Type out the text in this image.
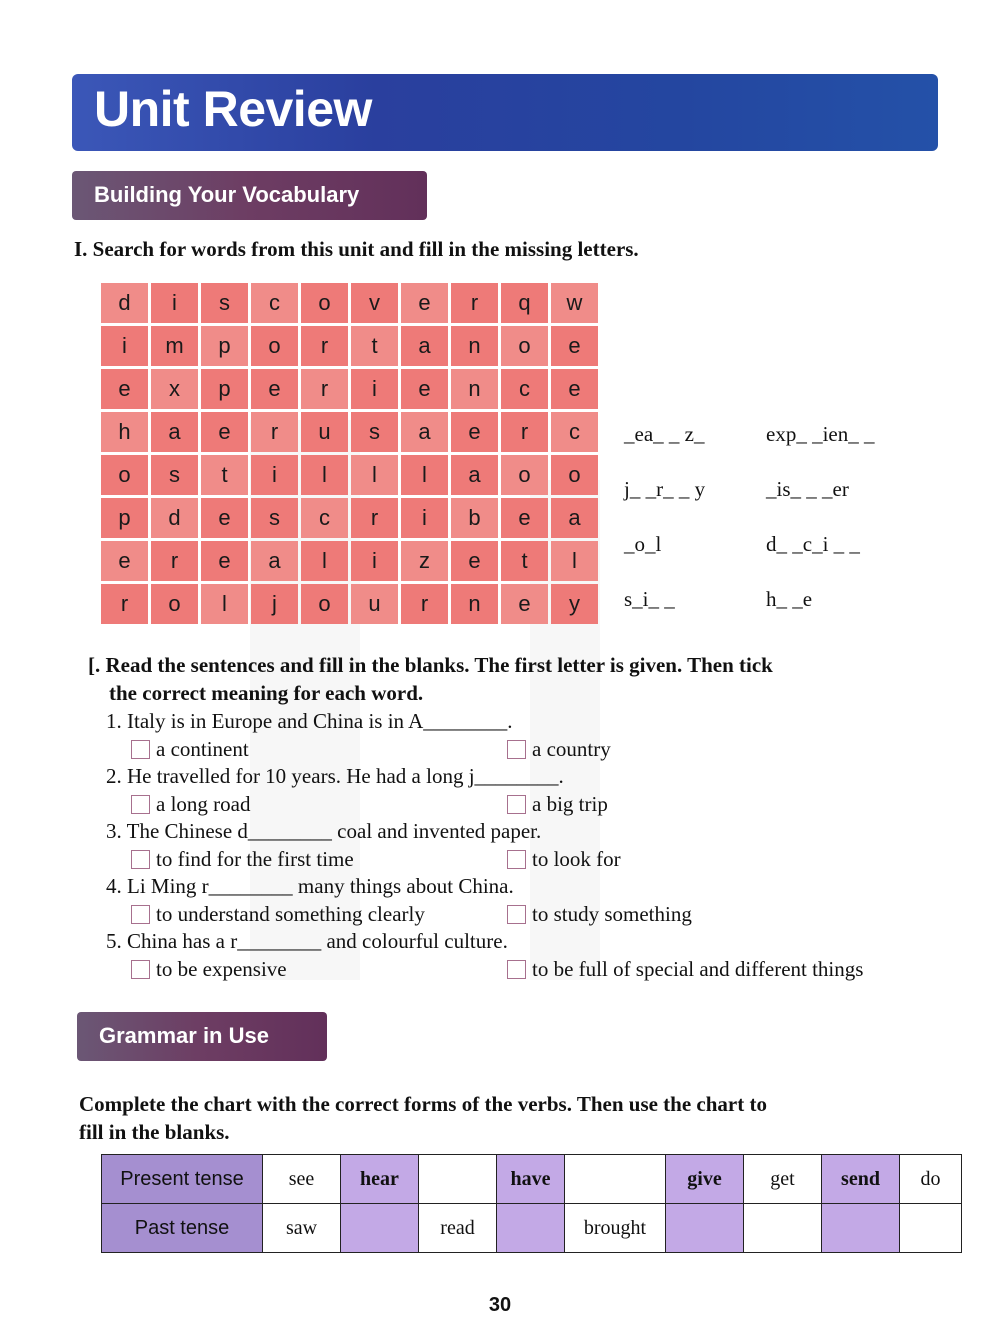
Unit Review
Building Your Vocabulary
I. Search for words from this unit and fill in the missing letters.
d	i	s	c	o	v	e	r	q	w
i	m	p	o	r	t	a	n	o	e
e	x	p	e	r	i	e	n	c	e
h	a	e	r	u	s	a	e	r	c
o	s	t	i	l	l	l	a	o	o
p	d	e	s	c	r	i	b	e	a
e	r	e	a	l	i	z	e	t	l
r	o	l	j	o	u	r	n	e	y
_ea_ _ z_	exp_ _ien_ _
j_ _r_ _ y	_is_ _ _er
_o_l	d_ _c_i _ _
s_i_ _	h_ _e
[. Read the sentences and fill in the blanks. The first letter is given. Then tick
the correct meaning for each word.
1. Italy is in Europe and China is in A________.
a continent	a country
2. He travelled for 10 years. He had a long j________.
a long road	a big trip
3. The Chinese d________ coal and invented paper.
to find for the first time	to look for
4. Li Ming r________ many things about China.
to understand something clearly	to study something
5. China has a r________ and colourful culture.
to be expensive	to be full of special and different things
Grammar in Use
Complete the chart with the correct forms of the verbs. Then use the chart to
fill in the blanks.
Present tense	see	hear		have		give	get	send	do
Past tense	saw		read		brought				
30
